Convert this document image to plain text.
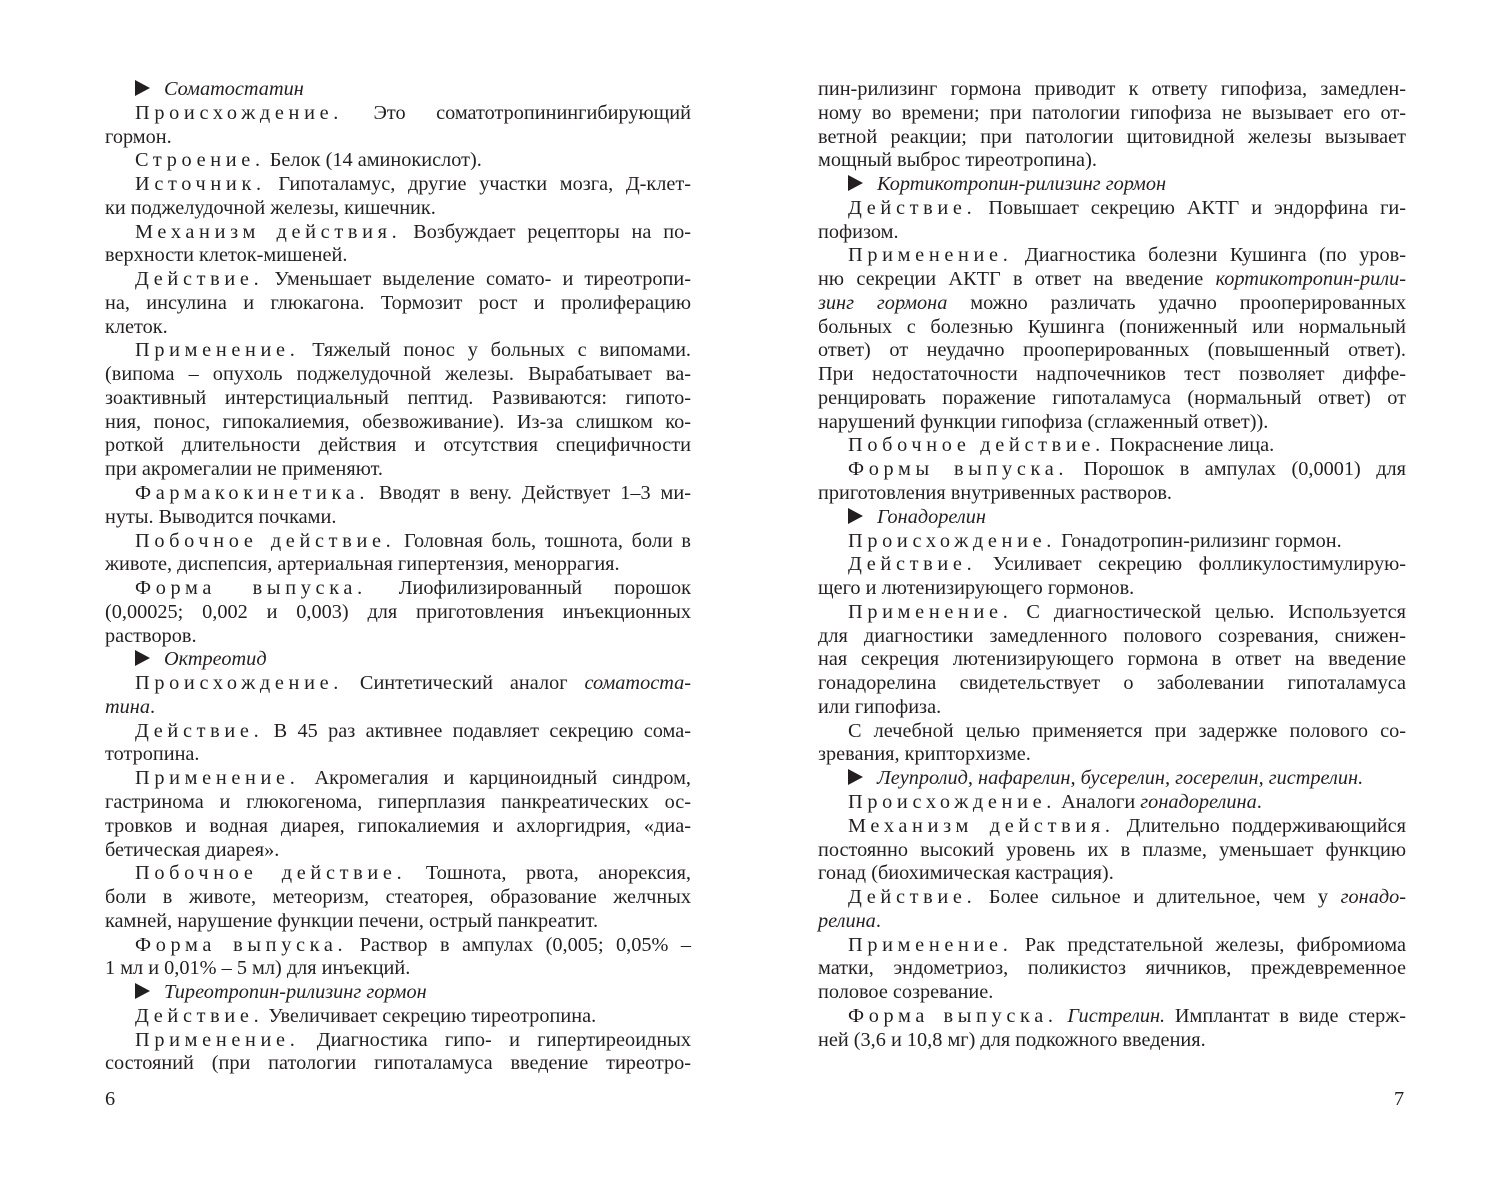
Соматостатин
Происхождение. Это соматотропинингибирующий
гормон.
Строение. Белок (14 аминокислот).
Источник. Гипоталамус, другие участки мозга, Д-клет-
ки поджелудочной железы, кишечник.
Механизм действия. Возбуждает рецепторы на по-
верхности клеток-мишеней.
Действие. Уменьшает выделение сомато- и тиреотропи-
на, инсулина и глюкагона. Тормозит рост и пролиферацию
клеток.
Применение. Тяжелый понос у больных с випомами.
(випома – опухоль поджелудочной железы. Вырабатывает ва-
зоактивный интерстициальный пептид. Развиваются: гипото-
ния, понос, гипокалиемия, обезвоживание). Из-за слишком ко-
роткой длительности действия и отсутствия специфичности
при акромегалии не применяют.
Фармакокинетика. Вводят в вену. Действует 1–3 ми-
нуты. Выводится почками.
Побочное действие. Головная боль, тошнота, боли в
животе, диспепсия, артериальная гипертензия, меноррагия.
Форма выпуска. Лиофилизированный порошок
(0,00025; 0,002 и 0,003) для приготовления инъекционных
растворов.
Октреотид
Происхождение. Синтетический аналог соматоста-
тина.
Действие. В 45 раз активнее подавляет секрецию сома-
тотропина.
Применение. Акромегалия и карциноидный синдром,
гастринома и глюкогенома, гиперплазия панкреатических ос-
тровков и водная диарея, гипокалиемия и ахлоргидрия, «диа-
бетическая диарея».
Побочное действие. Тошнота, рвота, анорексия,
боли в животе, метеоризм, стеаторея, образование желчных
камней, нарушение функции печени, острый панкреатит.
Форма выпуска. Раствор в ампулах (0,005; 0,05% –
1 мл и 0,01% – 5 мл) для инъекций.
Тиреотропин-рилизинг гормон
Действие. Увеличивает секрецию тиреотропина.
Применение. Диагностика гипо- и гипертиреоидных
состояний (при патологии гипоталамуса введение тиреотро-
пин-рилизинг гормона приводит к ответу гипофиза, замедлен-
ному во времени; при патологии гипофиза не вызывает его от-
ветной реакции; при патологии щитовидной железы вызывает
мощный выброс тиреотропина).
Кортикотропин-рилизинг гормон
Действие. Повышает секрецию АКТГ и эндорфина ги-
пофизом.
Применение. Диагностика болезни Кушинга (по уров-
ню секреции АКТГ в ответ на введение кортикотропин-рили-
зинг гормона можно различать удачно прооперированных
больных с болезнью Кушинга (пониженный или нормальный
ответ) от неудачно прооперированных (повышенный ответ).
При недостаточности надпочечников тест позволяет диффе-
ренцировать поражение гипоталамуса (нормальный ответ) от
нарушений функции гипофиза (сглаженный ответ)).
Побочное действие. Покраснение лица.
Формы выпуска. Порошок в ампулах (0,0001) для
приготовления внутривенных растворов.
Гонадорелин
Происхождение. Гонадотропин-рилизинг гормон.
Действие. Усиливает секрецию фолликулостимулирую-
щего и лютенизирующего гормонов.
Применение. С диагностической целью. Используется
для диагностики замедленного полового созревания, снижен-
ная секреция лютенизирующего гормона в ответ на введение
гонадорелина свидетельствует о заболевании гипоталамуса
или гипофиза.
С лечебной целью применяется при задержке полового со-
зревания, крипторхизме.
Леупролид, нафарелин, бусерелин, госерелин, гистрелин.
Происхождение. Аналоги гонадорелина.
Механизм действия. Длительно поддерживающийся
постоянно высокий уровень их в плазме, уменьшает функцию
гонад (биохимическая кастрация).
Действие. Более сильное и длительное, чем у гонадо-
релина.
Применение. Рак предстательной железы, фибромиома
матки, эндометриоз, поликистоз яичников, преждевременное
половое созревание.
Форма выпуска. Гистрелин. Имплантат в виде стерж-
ней (3,6 и 10,8 мг) для подкожного введения.
6	7
